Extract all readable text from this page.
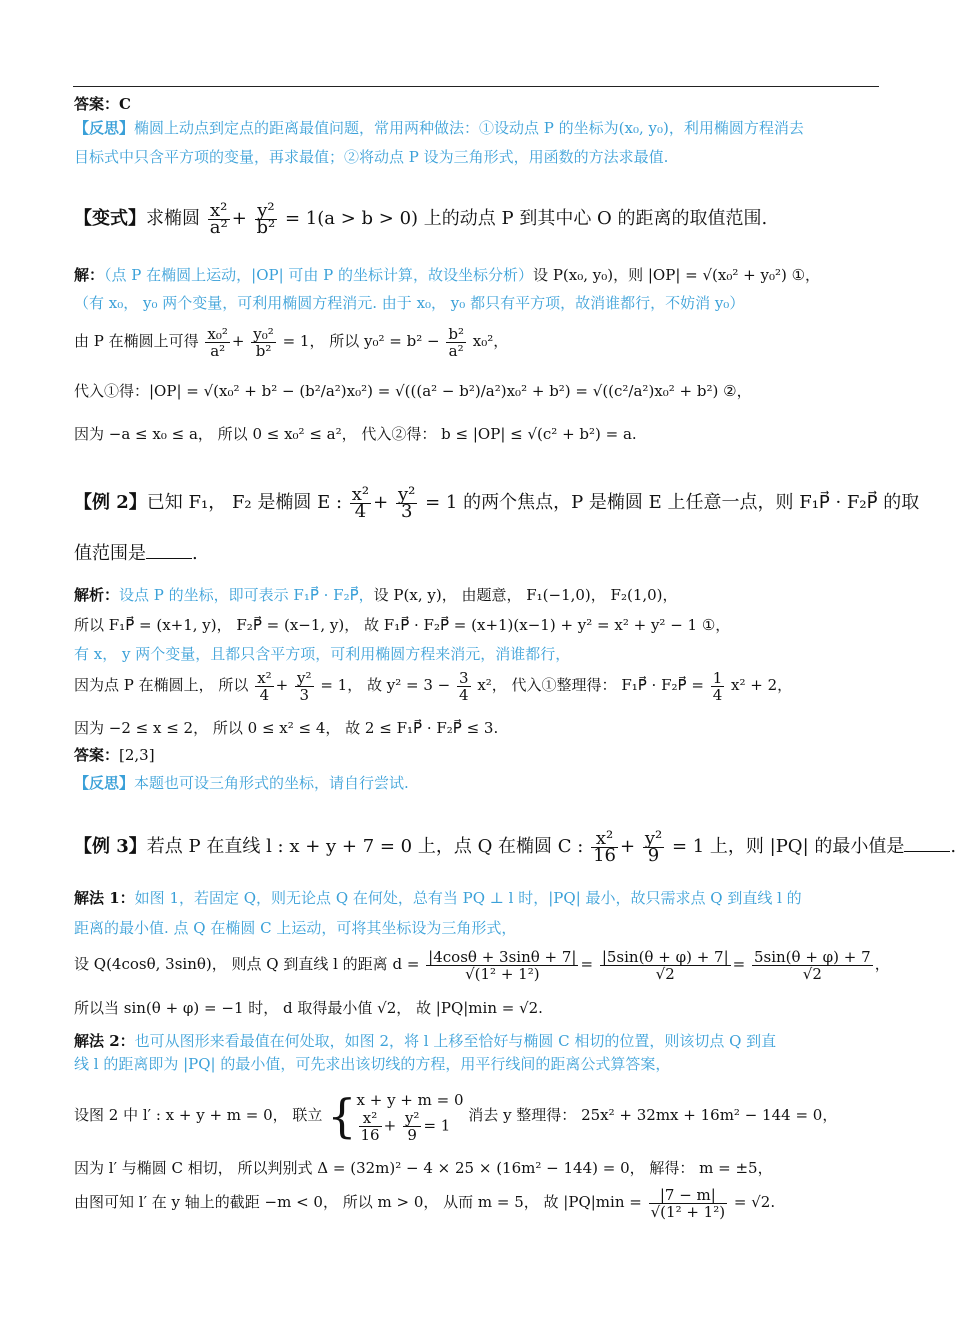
答案：C
【反思】椭圆上动点到定点的距离最值问题，常用两种做法：①设动点 P 的坐标为(x₀, y₀)，利用椭圆方程消去
目标式中只含平方项的变量，再求最值；②将动点 P 设为三角形式，用函数的方法求最值.
【变式】求椭圆 $\frac{\text{x²}}{\text{a²}} + \frac{\text{y²}}{\text{b²}} = 1(a > b > 0)$ 上的动点 P 到其中心 O 的距离的取值范围.
解：（点 P 在椭圆上运动，|OP| 可由 P 的坐标计算，故设坐标分析）设 P(x₀, y₀)，则 |OP| = √(x₀² + y₀²) ①，
（有 x₀， y₀ 两个变量，可利用椭圆方程消元. 由于 x₀， y₀ 都只有平方项，故消谁都行，不妨消 y₀）
由 P 在椭圆上可得 $\frac{\text{x₀²}}{\text{a²}} + \frac{\text{y₀²}}{\text{b²}} = 1$， 所以 $y_0^2 = b^2 - \frac{\text{b²}}{\text{a²}} x_0^2$，
代入①得：|OP| = √(x₀² + b² − (b²/a²)x₀²) = √(((a² − b²)/a²)x₀² + b²) = √((c²/a²)x₀² + b²) ②，
因为 −a ≤ x₀ ≤ a， 所以 0 ≤ x₀² ≤ a²， 代入②得： b ≤ |OP| ≤ √(c² + b²) = a.
【例 2】已知 F₁， F₂ 是椭圆 E : $\frac{\text{x²}}{4} + \frac{\text{y²}}{3} = 1$ 的两个焦点，P 是椭圆 E 上任意一点，则 F₁P⃗ · F₂P⃗ 的取
值范围是	.
解析：设点 P 的坐标，即可表示 F₁P⃗ · F₂P⃗，设 P(x, y)， 由题意， F₁(−1,0)， F₂(1,0)，
所以 F₁P⃗ = (x+1, y)， F₂P⃗ = (x−1, y)， 故 F₁P⃗ · F₂P⃗ = (x+1)(x−1) + y² = x² + y² − 1 ①，
有 x， y 两个变量，且都只含平方项，可利用椭圆方程来消元，消谁都行，
因为点 P 在椭圆上， 所以 $\frac{\text{x²}}{4} + \frac{\text{y²}}{3} = 1$， 故 $y^2 = 3 - \frac{3}{4} x^2$， 代入①整理得： F₁P⃗ · F₂P⃗ = $\frac{1}{4} x^2 + 2$，
因为 −2 ≤ x ≤ 2， 所以 0 ≤ x² ≤ 4， 故 2 ≤ F₁P⃗ · F₂P⃗ ≤ 3.
答案：[2,3]
【反思】本题也可设三角形式的坐标，请自行尝试.
【例 3】若点 P 在直线 l : x + y + 7 = 0 上，点 Q 在椭圆 C : $\frac{\text{x²}}{16} + \frac{\text{y²}}{9} = 1$ 上，则 |PQ| 的最小值是	.
解法 1：如图 1，若固定 Q，则无论点 Q 在何处，总有当 PQ ⊥ l 时，|PQ| 最小，故只需求点 Q 到直线 l 的
距离的最小值. 点 Q 在椭圆 C 上运动，可将其坐标设为三角形式，
设 Q(4cosθ, 3sinθ)， 则点 Q 到直线 l 的距离 $d = \frac{|4\cos\theta + 3\sin\theta + 7|}{\text{√(1² + 1²)}} = \frac{|5\sin(\theta + \varphi) + 7|}{√2} = \frac{5\sin(\theta + \varphi) + 7}{√2}$ ，
所以当 sin(θ + φ) = −1 时， d 取得最小值 √2， 故 |PQ|min = √2.
解法 2：也可从图形来看最值在何处取，如图 2，将 l 上移至恰好与椭圆 C 相切的位置，则该切点 Q 到直
线 l 的距离即为 |PQ| 的最小值，可先求出该切线的方程，用平行线间的距离公式算答案，
设图 2 中 l′ : x + y + m = 0， 联立 { x + y + m = 0
$\frac{\text{x²}}{16} + \frac{\text{y²}}{9} = 1$
消去 y 整理得： 25x² + 32mx + 16m² − 144 = 0，
因为 l′ 与椭圆 C 相切， 所以判别式 Δ = (32m)² − 4 × 25 × (16m² − 144) = 0， 解得： m = ±5，
由图可知 l′ 在 y 轴上的截距 −m < 0， 所以 m > 0， 从而 m = 5， 故 $|PQ|\min = \frac{|7 - m|}{\text{√(1² + 1²)}} = √2$.
